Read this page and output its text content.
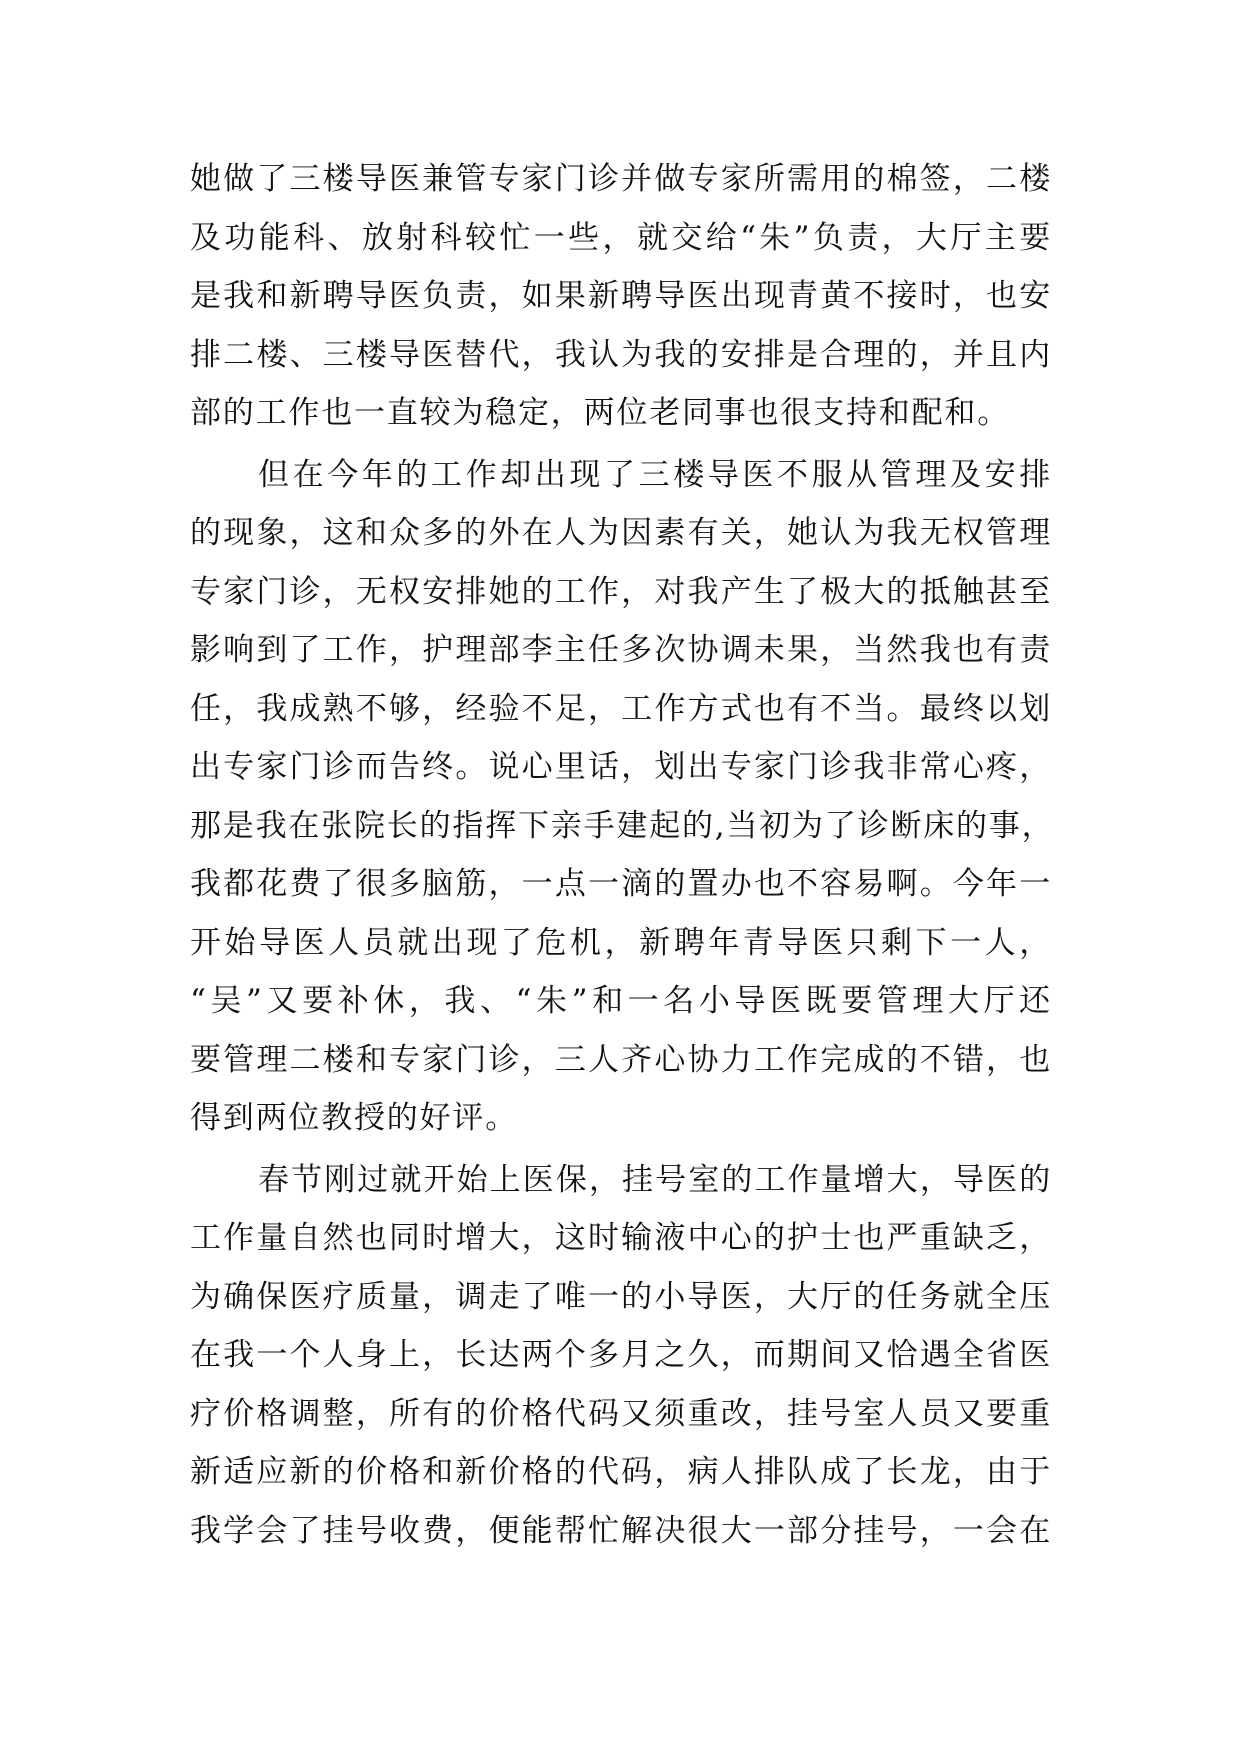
她做了三楼导医兼管专家门诊并做专家所需用的棉签，二楼
及功能科、放射科较忙一些，就交给“朱”负责，大厅主要
是我和新聘导医负责，如果新聘导医出现青黄不接时，也安
排二楼、三楼导医替代，我认为我的安排是合理的，并且内
部的工作也一直较为稳定，两位老同事也很支持和配和。
但在今年的工作却出现了三楼导医不服从管理及安排
的现象，这和众多的外在人为因素有关，她认为我无权管理
专家门诊，无权安排她的工作，对我产生了极大的抵触甚至
影响到了工作，护理部李主任多次协调未果，当然我也有责
任，我成熟不够，经验不足，工作方式也有不当。最终以划
出专家门诊而告终。说心里话，划出专家门诊我非常心疼，
那是我在张院长的指挥下亲手建起的,当初为了诊断床的事，
我都花费了很多脑筋，一点一滴的置办也不容易啊。今年一
开始导医人员就出现了危机，新聘年青导医只剩下一人，
“吴”又要补休，我、“朱”和一名小导医既要管理大厅还
要管理二楼和专家门诊，三人齐心协力工作完成的不错，也
得到两位教授的好评。
春节刚过就开始上医保，挂号室的工作量增大，导医的
工作量自然也同时增大，这时输液中心的护士也严重缺乏，
为确保医疗质量，调走了唯一的小导医，大厅的任务就全压
在我一个人身上，长达两个多月之久，而期间又恰遇全省医
疗价格调整，所有的价格代码又须重改，挂号室人员又要重
新适应新的价格和新价格的代码，病人排队成了长龙，由于
我学会了挂号收费，便能帮忙解决很大一部分挂号，一会在
